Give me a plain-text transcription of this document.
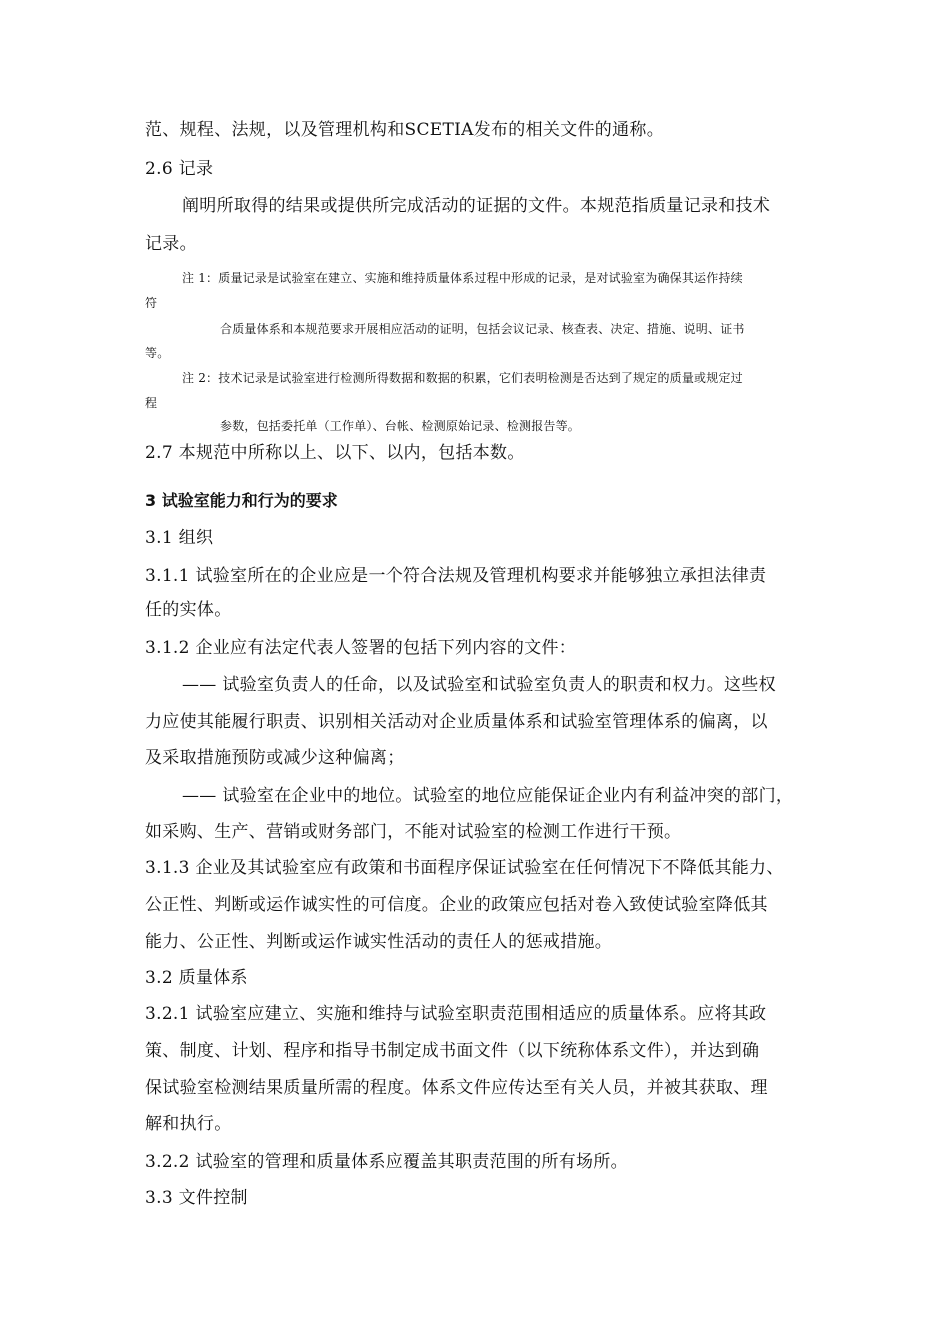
范、规程、法规，以及管理机构和SCETIA发布的相关文件的通称。
2.6 记录
阐明所取得的结果或提供所完成活动的证据的文件。本规范指质量记录和技术
记录。
注 1：质量记录是试验室在建立、实施和维持质量体系过程中形成的记录，是对试验室为确保其运作持续
符
合质量体系和本规范要求开展相应活动的证明，包括会议记录、核查表、决定、措施、说明、证书
等。
注 2：技术记录是试验室进行检测所得数据和数据的积累，它们表明检测是否达到了规定的质量或规定过
程
参数，包括委托单（工作单）、台帐、检测原始记录、检测报告等。
2.7 本规范中所称以上、以下、以内，包括本数。
3 试验室能力和行为的要求
3.1 组织
3.1.1 试验室所在的企业应是一个符合法规及管理机构要求并能够独立承担法律责
任的实体。
3.1.2 企业应有法定代表人签署的包括下列内容的文件：
—— 试验室负责人的任命，以及试验室和试验室负责人的职责和权力。这些权
力应使其能履行职责、识别相关活动对企业质量体系和试验室管理体系的偏离，以
及采取措施预防或减少这种偏离；
—— 试验室在企业中的地位。试验室的地位应能保证企业内有利益冲突的部门，
如采购、生产、营销或财务部门，不能对试验室的检测工作进行干预。
3.1.3 企业及其试验室应有政策和书面程序保证试验室在任何情况下不降低其能力、
公正性、判断或运作诚实性的可信度。企业的政策应包括对卷入致使试验室降低其
能力、公正性、判断或运作诚实性活动的责任人的惩戒措施。
3.2 质量体系
3.2.1 试验室应建立、实施和维持与试验室职责范围相适应的质量体系。应将其政
策、制度、计划、程序和指导书制定成书面文件（以下统称体系文件），并达到确
保试验室检测结果质量所需的程度。体系文件应传达至有关人员，并被其获取、理
解和执行。
3.2.2 试验室的管理和质量体系应覆盖其职责范围的所有场所。
3.3 文件控制
